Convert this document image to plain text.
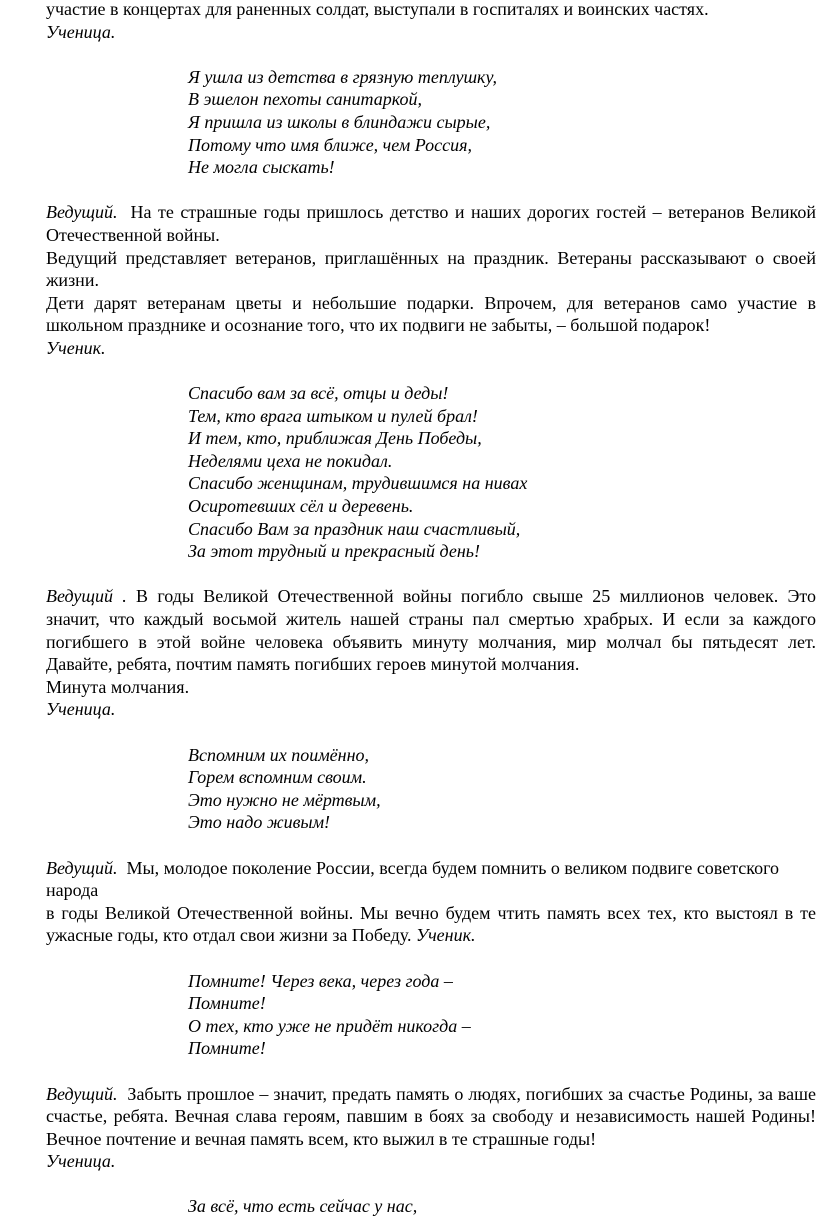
участие в концертах для раненных солдат, выступали в госпиталях и воинских частях.

Ученица.

Я ушла из детства в грязную теплушку,

В эшелон пехоты санитаркой,

Я пришла из школы в блиндажи сырые,

Потому что имя ближе, чем Россия,

Не могла сыскать!

Ведущий. На те страшные годы пришлось детство и наших дорогих гостей – ветеранов Великой Отечественной войны.

Ведущий представляет ветеранов, приглашённых на праздник. Ветераны рассказывают о своей жизни.

Дети дарят ветеранам цветы и небольшие подарки. Впрочем, для ветеранов само участие в школьном празднике и осознание того, что их подвиги не забыты, – большой подарок!

Ученик.

Спасибо вам за всё, отцы и деды!

Тем, кто врага штыком и пулей брал!

И тем, кто, приближая День Победы,

Неделями цеха не покидал.

Спасибо женщинам, трудившимся на нивах

Осиротевших сёл и деревень.

Спасибо Вам за праздник наш счастливый,

За этот трудный и прекрасный день!

Ведущий . В годы Великой Отечественной войны погибло свыше 25 миллионов человек. Это значит, что каждый восьмой житель нашей страны пал смертью храбрых. И если за каждого погибшего в этой войне человека объявить минуту молчания, мир молчал бы пятьдесят лет. Давайте, ребята, почтим память погибших героев минутой молчания.

Минута молчания.

Ученица.

Вспомним их поимённо,

Горем вспомним своим.

Это нужно не мёртвым,

Это надо живым!

Ведущий. Мы, молодое поколение России, всегда будем помнить о великом подвиге советского народа

в годы Великой Отечественной войны. Мы вечно будем чтить память всех тех, кто выстоял в те ужасные годы, кто отдал свои жизни за Победу. Ученик.

Помните! Через века, через года –

Помните!

О тех, кто уже не придёт никогда –

Помните!

Ведущий. Забыть прошлое – значит, предать память о людях, погибших за счастье Родины, за ваше счастье, ребята. Вечная слава героям, павшим в боях за свободу и независимость нашей Родины! Вечное почтение и вечная память всем, кто выжил в те страшные годы!

Ученица.

За всё, что есть сейчас у нас,
